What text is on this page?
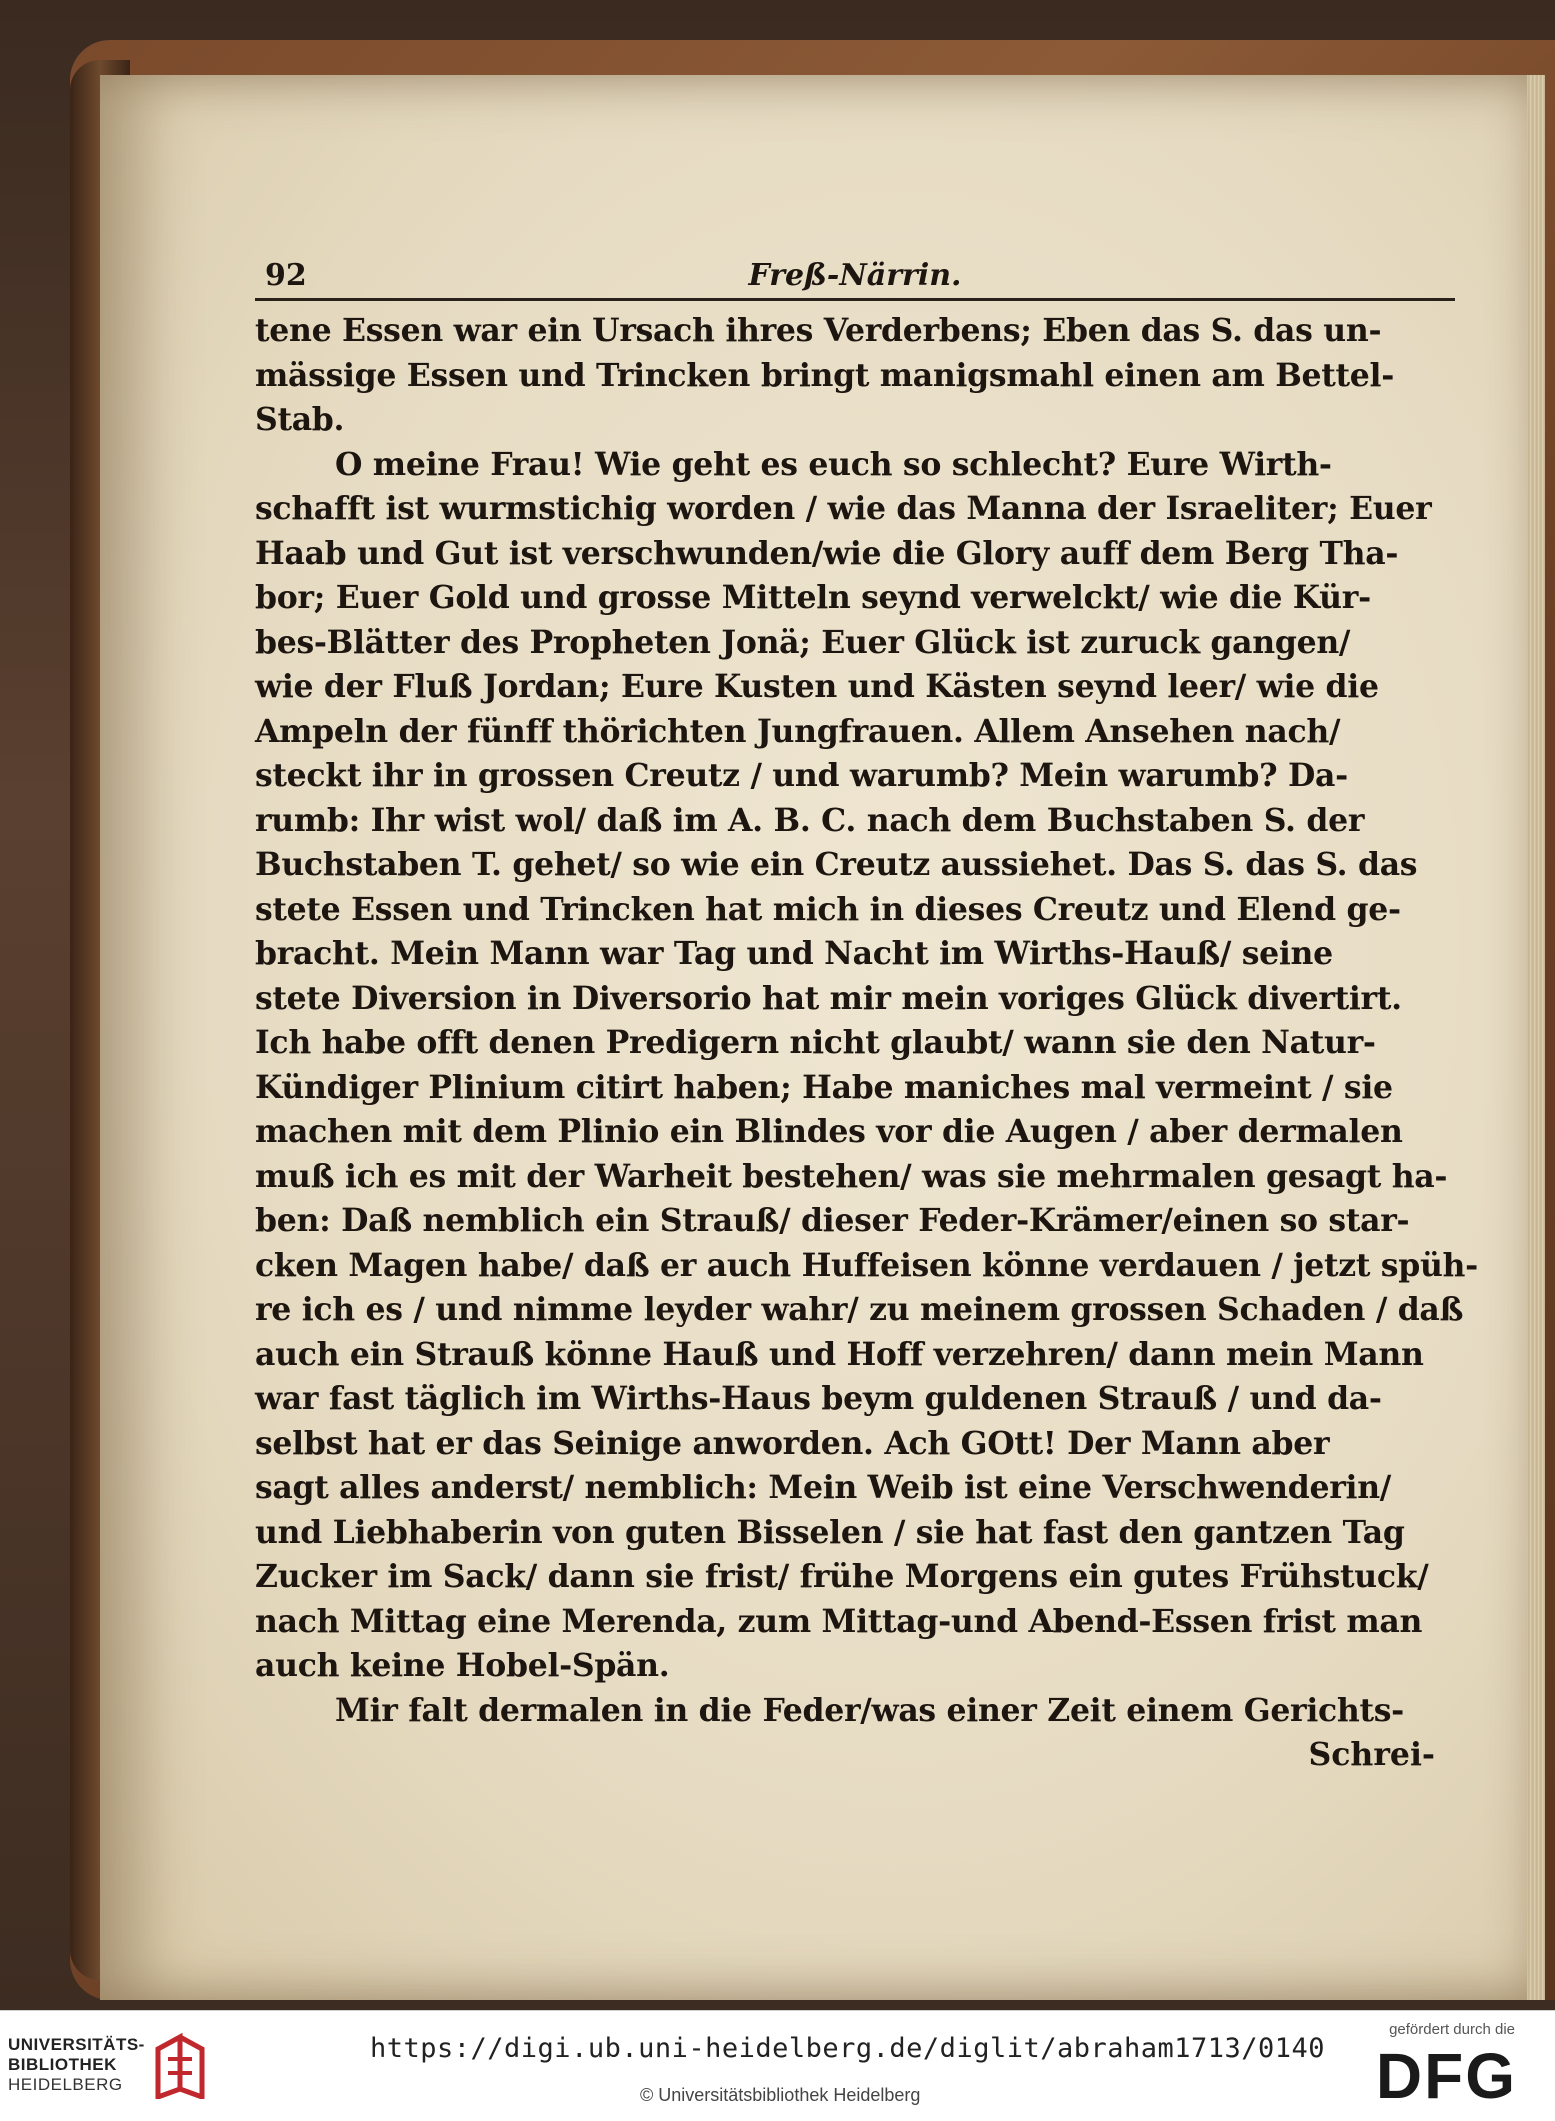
92	Freß-Närrin.
tene Essen war ein Ursach ihres Verderbens; Eben das S. das un-
mässige Essen und Trincken bringt manigsmahl einen am Bettel-
Stab.
O meine Frau! Wie geht es euch so schlecht? Eure Wirth-
schafft ist wurmstichig worden / wie das Manna der Israeliter; Euer
Haab und Gut ist verschwunden/wie die Glory auff dem Berg Tha-
bor; Euer Gold und grosse Mitteln seynd verwelckt/ wie die Kür-
bes-Blätter des Propheten Jonä; Euer Glück ist zuruck gangen/
wie der Fluß Jordan; Eure Kusten und Kästen seynd leer/ wie die
Ampeln der fünff thörichten Jungfrauen. Allem Ansehen nach/
steckt ihr in grossen Creutz / und warumb? Mein warumb? Da-
rumb: Ihr wist wol/ daß im A. B. C. nach dem Buchstaben S. der
Buchstaben T. gehet/ so wie ein Creutz aussiehet. Das S. das S. das
stete Essen und Trincken hat mich in dieses Creutz und Elend ge-
bracht. Mein Mann war Tag und Nacht im Wirths-Hauß/ seine
stete Diversion in Diversorio hat mir mein voriges Glück divertirt.
Ich habe offt denen Predigern nicht glaubt/ wann sie den Natur-
Kündiger Plinium citirt haben; Habe maniches mal vermeint / sie
machen mit dem Plinio ein Blindes vor die Augen / aber dermalen
muß ich es mit der Warheit bestehen/ was sie mehrmalen gesagt ha-
ben: Daß nemblich ein Strauß/ dieser Feder-Krämer/einen so star-
cken Magen habe/ daß er auch Huffeisen könne verdauen / jetzt spüh-
re ich es / und nimme leyder wahr/ zu meinem grossen Schaden / daß
auch ein Strauß könne Hauß und Hoff verzehren/ dann mein Mann
war fast täglich im Wirths-Haus beym guldenen Strauß / und da-
selbst hat er das Seinige anworden. Ach GOtt! Der Mann aber
sagt alles anderst/ nemblich: Mein Weib ist eine Verschwenderin/
und Liebhaberin von guten Bisselen / sie hat fast den gantzen Tag
Zucker im Sack/ dann sie frist/ frühe Morgens ein gutes Frühstuck/
nach Mittag eine Merenda, zum Mittag-und Abend-Essen frist man
auch keine Hobel-Spän.
Mir falt dermalen in die Feder/was einer Zeit einem Gerichts-
Schrei-
UNIVERSITÄTS-
BIBLIOTHEK
HEIDELBERG
https://digi.ub.uni-heidelberg.de/diglit/abraham1713/0140
© Universitätsbibliothek Heidelberg
gefördert durch die
DFG
